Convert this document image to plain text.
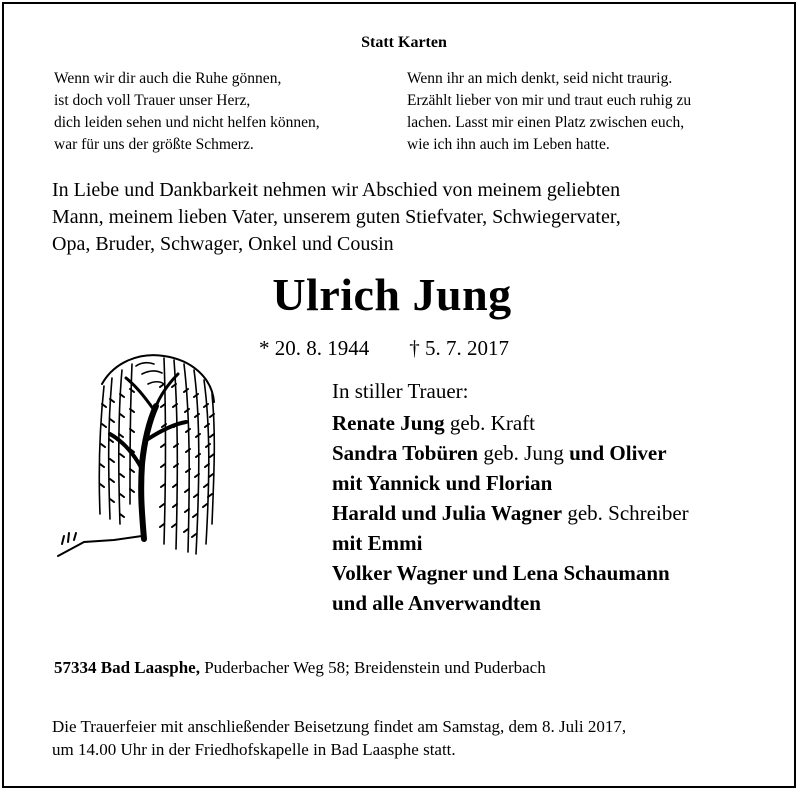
Statt Karten
Wenn wir dir auch die Ruhe gönnen,
ist doch voll Trauer unser Herz,
dich leiden sehen und nicht helfen können,
war für uns der größte Schmerz.
Wenn ihr an mich denkt, seid nicht traurig.
Erzählt lieber von mir und traut euch ruhig zu
lachen. Lasst mir einen Platz zwischen euch,
wie ich ihn auch im Leben hatte.
In Liebe und Dankbarkeit nehmen wir Abschied von meinem geliebten
Mann, meinem lieben Vater, unserem guten Stiefvater, Schwiegervater,
Opa, Bruder, Schwager, Onkel und Cousin
Ulrich Jung
* 20. 8. 1944 † 5. 7. 2017
In stiller Trauer:
Renate Jung geb. Kraft
Sandra Tobüren geb. Jung und Oliver
mit Yannick und Florian
Harald und Julia Wagner geb. Schreiber
mit Emmi
Volker Wagner und Lena Schaumann
und alle Anverwandten
57334 Bad Laasphe, Puderbacher Weg 58; Breidenstein und Puderbach
Die Trauerfeier mit anschließender Beisetzung findet am Samstag, dem 8. Juli 2017,
um 14.00 Uhr in der Friedhofskapelle in Bad Laasphe statt.
